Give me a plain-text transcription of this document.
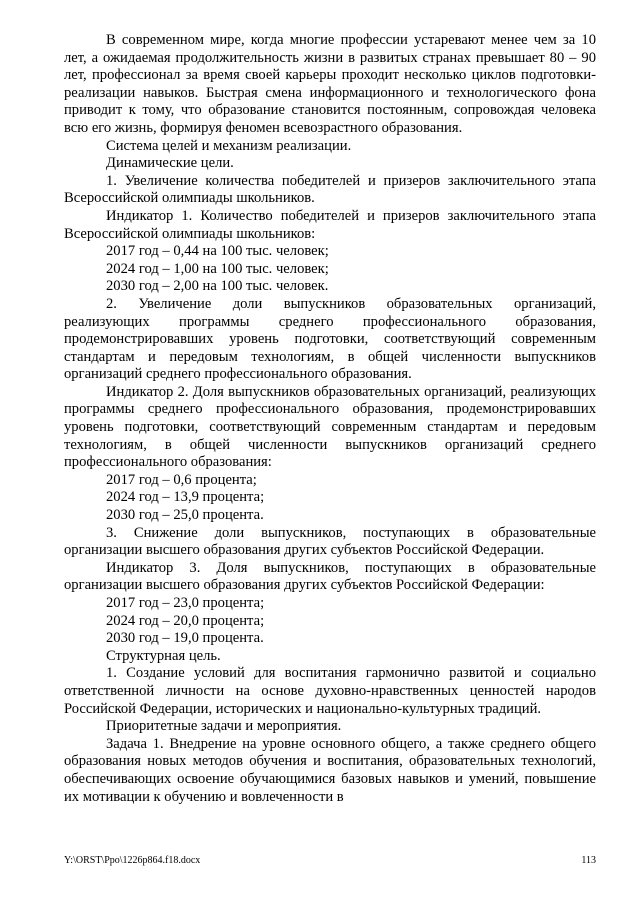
В современном мире, когда многие профессии устаревают менее чем за 10 лет, а ожидаемая продолжительность жизни в развитых странах превышает 80 – 90 лет, профессионал за время своей карьеры проходит несколько циклов подготовки-реализации навыков. Быстрая смена информационного и технологического фона приводит к тому, что образование становится постоянным, сопровождая человека всю его жизнь, формируя феномен всевозрастного образования.

Система целей и механизм реализации.

Динамические цели.

1. Увеличение количества победителей и призеров заключительного этапа Всероссийской олимпиады школьников.

Индикатор 1. Количество победителей и призеров заключительного этапа Всероссийской олимпиады школьников:

2017 год – 0,44 на 100 тыс. человек;

2024 год – 1,00 на 100 тыс. человек;

2030 год – 2,00 на 100 тыс. человек.

2. Увеличение доли выпускников образовательных организаций, реализующих программы среднего профессионального образования, продемонстрировавших уровень подготовки, соответствующий современным стандартам и передовым технологиям, в общей численности выпускников организаций среднего профессионального образования.

Индикатор 2. Доля выпускников образовательных организаций, реализующих программы среднего профессионального образования, продемонстрировавших уровень подготовки, соответствующий современным стандартам и передовым технологиям, в общей численности выпускников организаций среднего профессионального образования:

2017 год – 0,6 процента;

2024 год – 13,9 процента;

2030 год – 25,0 процента.

3. Снижение доли выпускников, поступающих в образовательные организации высшего образования других субъектов Российской Федерации.

Индикатор 3. Доля выпускников, поступающих в образовательные организации высшего образования других субъектов Российской Федерации:

2017 год – 23,0 процента;

2024 год – 20,0 процента;

2030 год – 19,0 процента.

Структурная цель.

1. Создание условий для воспитания гармонично развитой и социально ответственной личности на основе духовно-нравственных ценностей народов Российской Федерации, исторических и национально-культурных традиций.

Приоритетные задачи и мероприятия.

Задача 1. Внедрение на уровне основного общего, а также среднего общего образования новых методов обучения и воспитания, образовательных технологий, обеспечивающих освоение обучающимися базовых навыков и умений, повышение их мотивации к обучению и вовлеченности в

Y:\ORST\Ppo\1226p864.f18.docx	113
